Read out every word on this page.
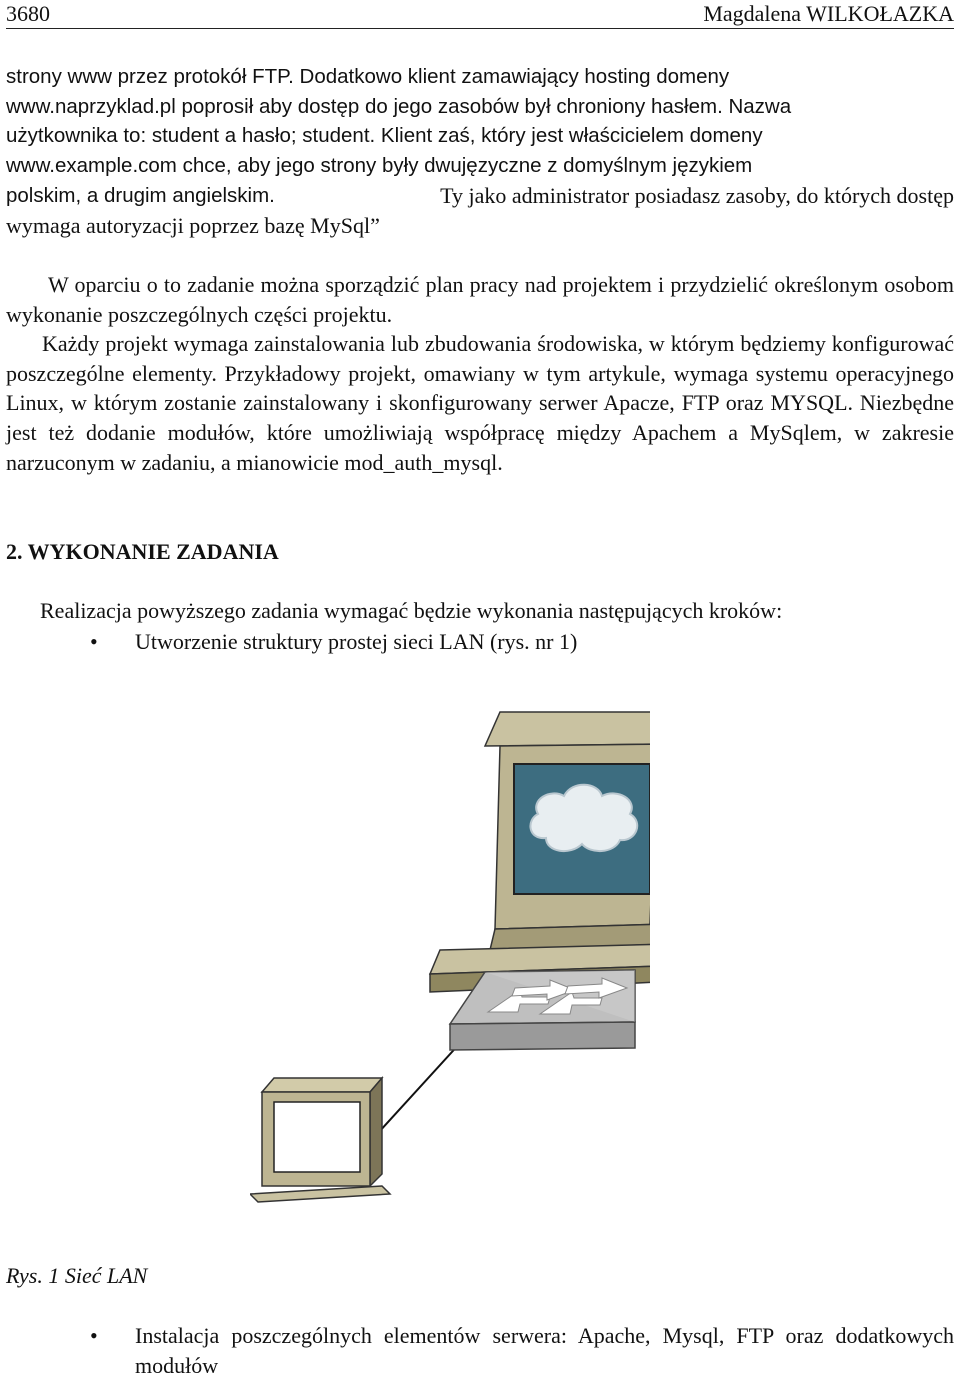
3680	Magdalena WILKOŁAZKA
strony www przez protokół FTP. Dodatkowo klient zamawiający hosting domeny
www.naprzyklad.pl poprosił aby dostęp do jego zasobów był chroniony hasłem. Nazwa
użytkownika to: student a hasło; student. Klient zaś, który jest właścicielem domeny
www.example.com chce, aby jego strony były dwujęzyczne z domyślnym językiem
polskim, a drugim angielskim.	Ty jako administrator posiadasz zasoby, do których dostęp
wymaga autoryzacji poprzez bazę MySql”
W oparciu o to zadanie można sporządzić plan pracy nad projektem i przydzielić określonym osobom wykonanie poszczególnych części projektu.
Każdy projekt wymaga zainstalowania lub zbudowania środowiska, w którym będziemy konfigurować poszczególne elementy. Przykładowy projekt, omawiany w tym artykule, wymaga systemu operacyjnego Linux, w którym zostanie zainstalowany i skonfigurowany serwer Apacze, FTP oraz MYSQL. Niezbędne jest też dodanie modułów, które umożliwiają współpracę między Apachem a MySqlem, w zakresie narzuconym w zadaniu, a mianowicie mod_auth_mysql.
2. WYKONANIE ZADANIA
Realizacja powyższego zadania wymagać będzie wykonania następujących kroków:
• Utworzenie struktury prostej sieci LAN (rys. nr 1)
Rys. 1 Sieć LAN
• Instalacja poszczególnych elementów serwera: Apache, Mysql, FTP oraz dodatkowych modułów
